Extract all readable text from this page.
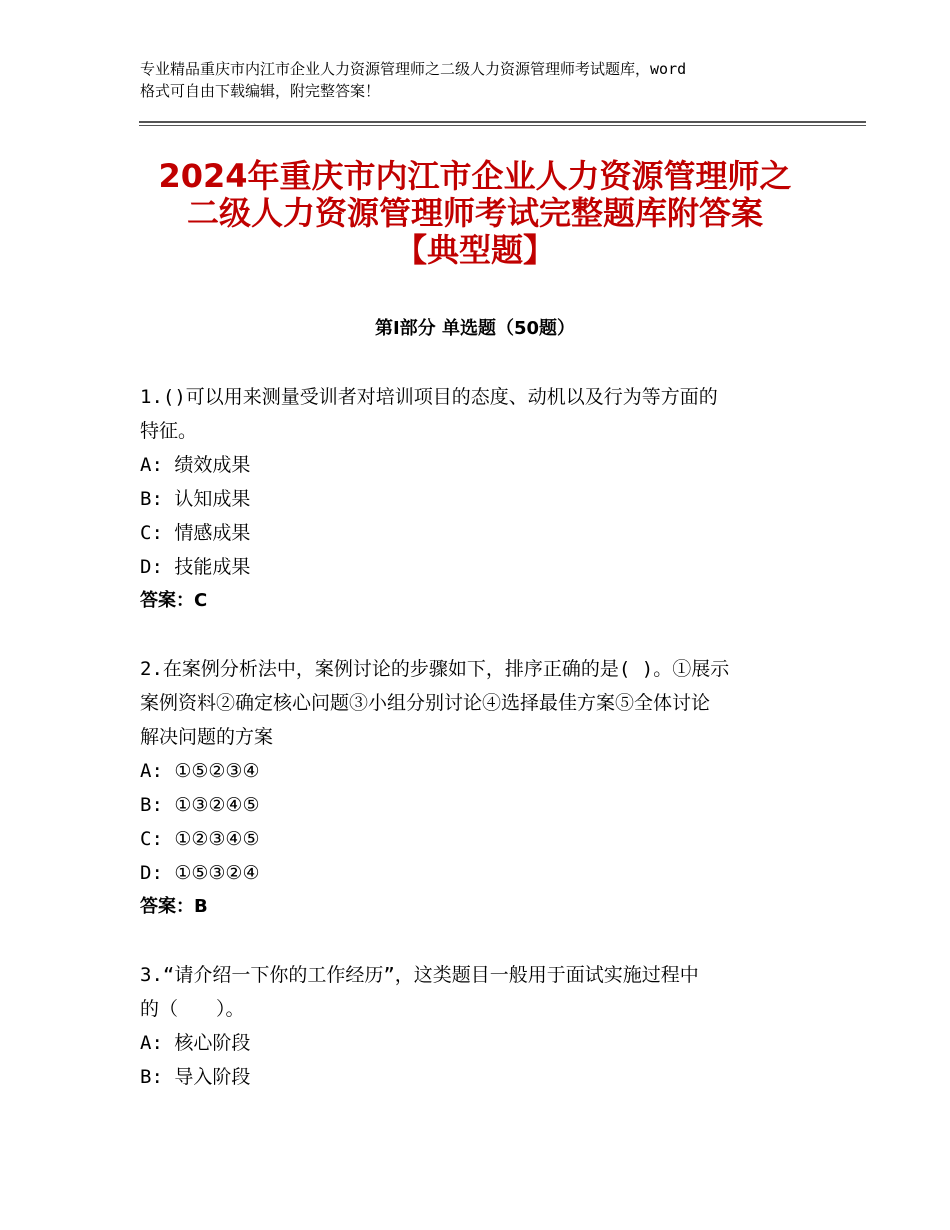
专业精品重庆市内江市企业人力资源管理师之二级人力资源管理师考试题库，word
格式可自由下载编辑，附完整答案！
2024年重庆市内江市企业人力资源管理师之
二级人力资源管理师考试完整题库附答案
【典型题】
第Ⅰ部分 单选题（50题）
1.()可以用来测量受训者对培训项目的态度、动机以及行为等方面的
特征。
A: 绩效成果
B: 认知成果
C: 情感成果
D: 技能成果
答案：C
2.在案例分析法中，案例讨论的步骤如下，排序正确的是( )。①展示
案例资料②确定核心问题③小组分别讨论④选择最佳方案⑤全体讨论
解决问题的方案
A: ①⑤②③④
B: ①③②④⑤
C: ①②③④⑤
D: ①⑤③②④
答案：B
3.“请介绍一下你的工作经历”，这类题目一般用于面试实施过程中
的（　　）。
A: 核心阶段
B: 导入阶段
